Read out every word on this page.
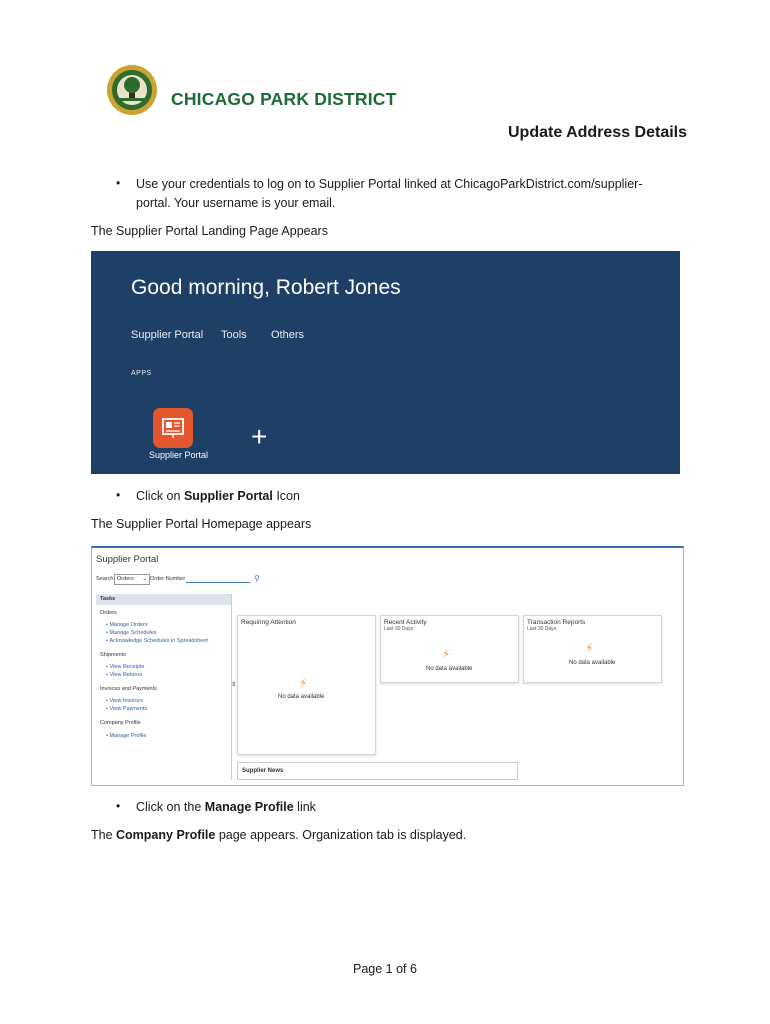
CHICAGO PARK DISTRICT
Update Address Details
• Use your credentials to log on to Supplier Portal linked at ChicagoParkDistrict.com/supplier-
portal. Your username is your email.

The Supplier Portal Landing Page Appears

Good morning, Robert Jones
Supplier Portal Tools Others
APPS
Supplier Portal
+
• Click on Supplier Portal Icon

The Supplier Portal Homepage appears

Supplier Portal
Search Orders ⌄ Order Number	⚲
Tasks
Orders
• Manage Orders
• Manage Schedules
• Acknowledge Schedules in Spreadsheet
Shipments
• View Receipts
• View Returns
Invoices and Payments
• View Invoices
• View Payments
Company Profile
• Manage Profile
⇕
Requiring Attention
⚡
No data available
Recent Activity
Last 30 Days
⚡
No data available
Transaction Reports
Last 30 Days
⚡
No data available
Supplier News
• Click on the Manage Profile link

The Company Profile page appears. Organization tab is displayed.

Page 1 of 6
